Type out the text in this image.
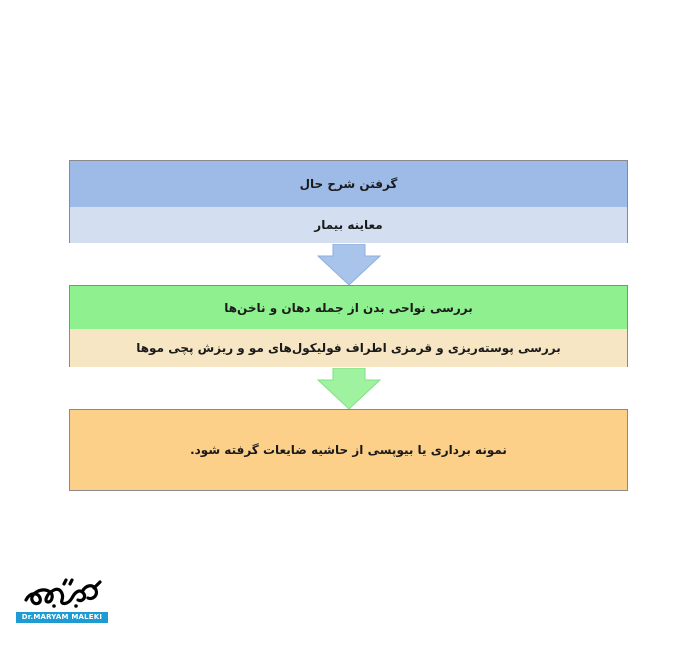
گرفتن شرح حال
معاینه بیمار
بررسی نواحی بدن از جمله دهان و ناخن‌ها
بررسی پوسته‌ریزی و قرمزی اطراف فولیکول‌های مو و ریزش پچی موها
نمونه برداری یا بیوپسی از حاشیه ضایعات گرفته شود.
Dr.MARYAM MALEKI
